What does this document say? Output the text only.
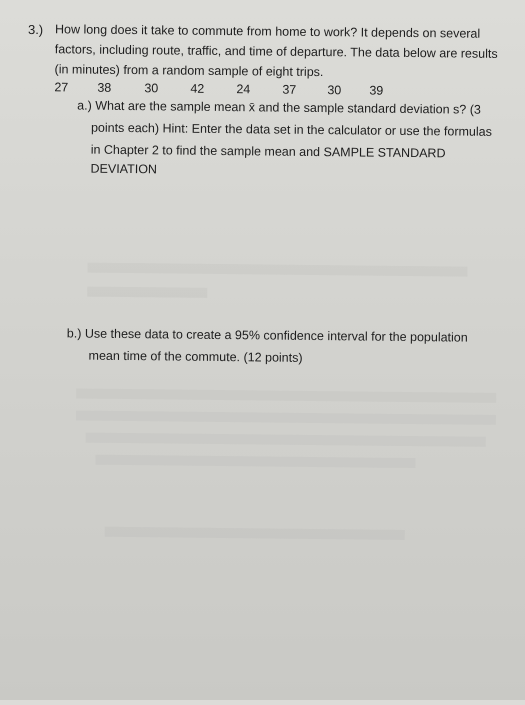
3.) How long does it take to commute from home to work? It depends on several
factors, including route, traffic, and time of departure. The data below are results
(in minutes) from a random sample of eight trips.
27 38	30	42	24	37 30 39
a.) What are the sample mean x̄ and the sample standard deviation s? (3
points each) Hint: Enter the data set in the calculator or use the formulas
in Chapter 2 to find the sample mean and SAMPLE STANDARD
DEVIATION
b.) Use these data to create a 95% confidence interval for the population
mean time of the commute. (12 points)
